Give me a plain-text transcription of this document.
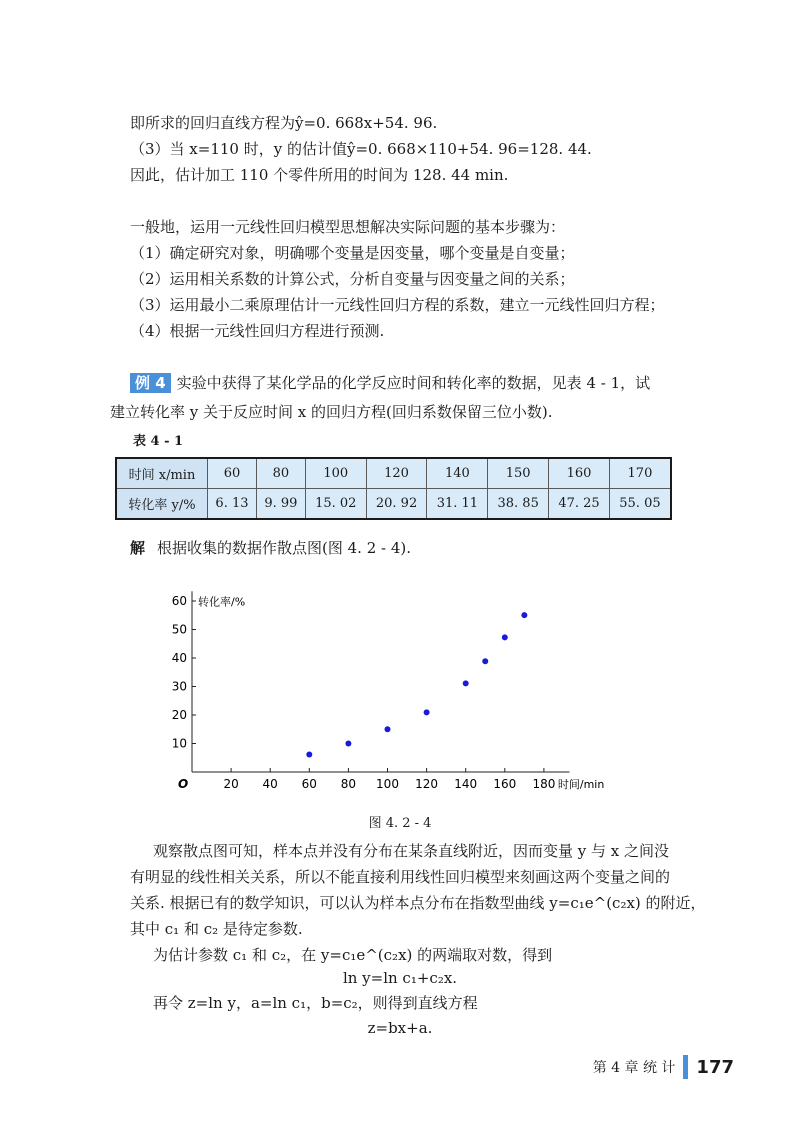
即所求的回归直线方程为ŷ=0. 668x+54. 96.
（3）当 x=110 时，y 的估计值ŷ=0. 668×110+54. 96=128. 44.
因此，估计加工 110 个零件所用的时间为 128. 44 min.
一般地，运用一元线性回归模型思想解决实际问题的基本步骤为：
（1）确定研究对象，明确哪个变量是因变量，哪个变量是自变量；
（2）运用相关系数的计算公式，分析自变量与因变量之间的关系；
（3）运用最小二乘原理估计一元线性回归方程的系数，建立一元线性回归方程；
（4）根据一元线性回归方程进行预测.
例 4 实验中获得了某化学品的化学反应时间和转化率的数据，见表 4 - 1，试
建立转化率 y 关于反应时间 x 的回归方程(回归系数保留三位小数).
表 4 - 1
时间 x/min	60	80	100	120	140	150	160	170
转化率 y/%	6. 13	9. 99	15. 02	20. 92	31. 11	38. 85	47. 25	55. 05
解 根据收集的数据作散点图(图 4. 2 - 4).
O	时间/min
转化率/%
20 40 60 80 100 120 140 160 180
10
20
30
40
50
60
图 4. 2 - 4
观察散点图可知，样本点并没有分布在某条直线附近，因而变量 y 与 x 之间没
有明显的线性相关关系，所以不能直接利用线性回归模型来刻画这两个变量之间的
关系. 根据已有的数学知识，可以认为样本点分布在指数型曲线 y=c₁e^(c₂x) 的附近，
其中 c₁ 和 c₂ 是待定参数.
为估计参数 c₁ 和 c₂，在 y=c₁e^(c₂x) 的两端取对数，得到
ln y=ln c₁+c₂x.
再令 z=ln y，a=ln c₁，b=c₂，则得到直线方程
z=bx+a.
第 4 章 统 计 177
